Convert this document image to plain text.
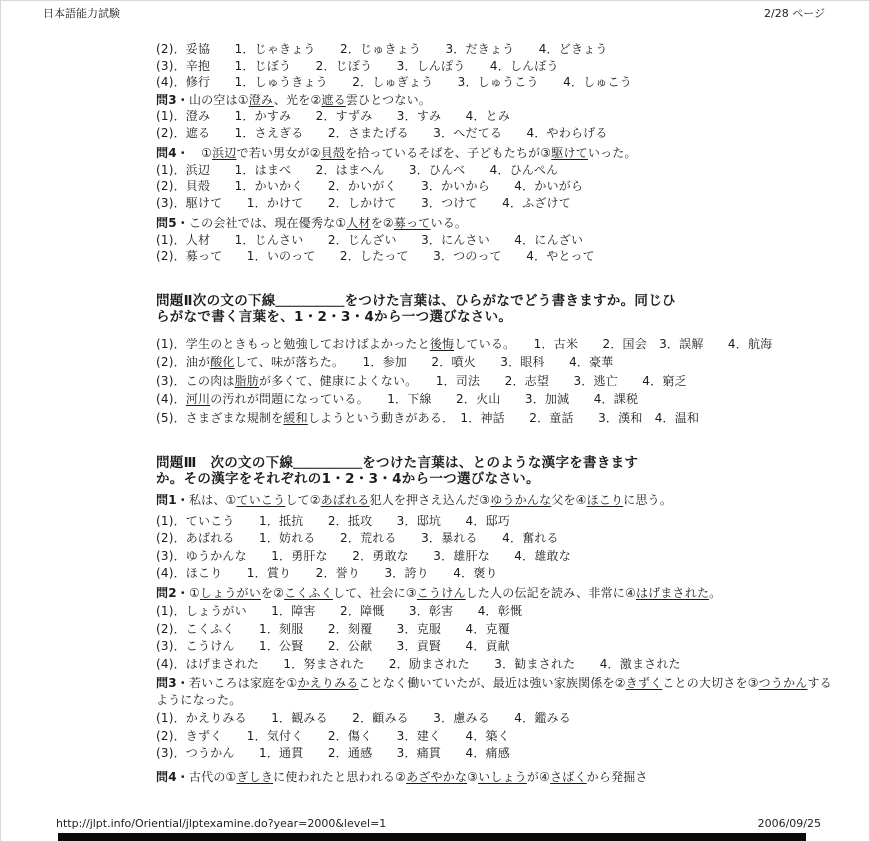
日本語能力試験	2/28 ページ
(2)．妥協　　1．じゃきょう　　2．じゅきょう　　3．だきょう　　4．どきょう
(3)．辛抱　　1．じぼう　　2．じぽう　　3．しんぽう　　4．しんぼう
(4)．修行　　1．しゅうきょう　　2．しゅぎょう　　3．しゅうこう　　4．しゅこう
問3・山の空は①澄み、光を②遮る雲ひとつない。
(1)．澄み　　1．かすみ　　2．すずみ　　3．すみ　　4．とみ
(2)．遮る　　1．さえぎる　　2．さまたげる　　3．へだてる　　4．やわらげる
問4・　①浜辺で若い男女が②貝殻を拾っているそばを、子どもたちが③駆けていった。
(1)．浜辺　　1．はまべ　　2．はまへん　　3．ひんべ　　4．ひんぺん
(2)．貝殻　　1．かいかく　　2．かいがく　　3．かいから　　4．かいがら
(3)．駆けて　　1．かけて　　2．しかけて　　3．つけて　　4．ふざけて
問5・この会社では、現在優秀な①人材を②募っている。
(1)．人材　　1．じんさい　　2．じんざい　　3．にんさい　　4．にんざい
(2)．募って　　1．いのって　　2．したって　　3．つのって　　4．やとって
問題Ⅱ次の文の下線＿＿＿＿＿をつけた言葉は、ひらがなでどう書きますか。同じひらがなで書く言葉を、1・2・3・4から一つ選びなさい。
(1)．学生のときもっと勉強しておけばよかったと後悔している。　　1．古米　　2．国会　3．誤解　　4．航海
(2)．油が酸化して、味が落ちた。　　1．参加　　2．噴火　　3．眼科　　4．豪華
(3)．この肉は脂肪が多くて、健康によくない。　　1．司法　　2．志望　　3．逃亡　　4．窮乏
(4)．河川の汚れが問題になっている。　　1．下線　　2．火山　　3．加減　　4．課税
(5)．さまざまな規制を緩和しようという動きがある．　1．神話　　2．童話　　3．漢和　4．温和
問題Ⅲ　次の文の下線＿＿＿＿＿をつけた言葉は、とのような漢字を書きますか。その漢字をそれぞれの1・2・3・4から一つ選びなさい。
問1・私は、①ていこうして②あばれる犯人を押さえ込んだ③ゆうかんな父を④ほこりに思う。
(1)．ていこう　　1．抵抗　　2．抵攻　　3．邸坑　　4．邸巧
(2)．あばれる　　1．妨れる　　2．荒れる　　3．暴れる　　4．奮れる
(3)．ゆうかんな　　1．勇肝な　　2．勇敢な　　3．雄肝な　　4．雄敢な
(4)．ほこり　　1．賞り　　2．誉り　　3．誇り　　4．褒り
問2・①しょうがいを②こくふくして、社会に③こうけんした人の伝記を読み、非常に④はげまされた。
(1)．しょうがい　　1．障害　　2．障慨　　3．彰害　　4．彰慨
(2)．こくふく　　1．刻服　　2．刻覆　　3．克服　　4．克覆
(3)．こうけん　　1．公賢　　2．公献　　3．貢賢　　4．貢献
(4)．はげまされた　　1．努まされた　　2．励まされた　　3．勧まされた　　4．激まされた
問3・若いころは家庭を①かえりみることなく働いていたが、最近は強い家族関係を②きずくことの大切さを③つうかんするようになった。
(1)．かえりみる　　1．観みる　　2．顧みる　　3．慮みる　　4．鑑みる
(2)．きずく　　1．気付く　　2．傷く　　3．建く　　4．築く
(3)．つうかん　　1．通貫　　2．通感　　3．痛貫　　4．痛感
問4・古代の①ぎしきに使われたと思われる②あざやかな③いしょうが④さばくから発掘さ
http://jlpt.info/Oriential/jlptexamine.do?year=2000&level=1	2006/09/25
